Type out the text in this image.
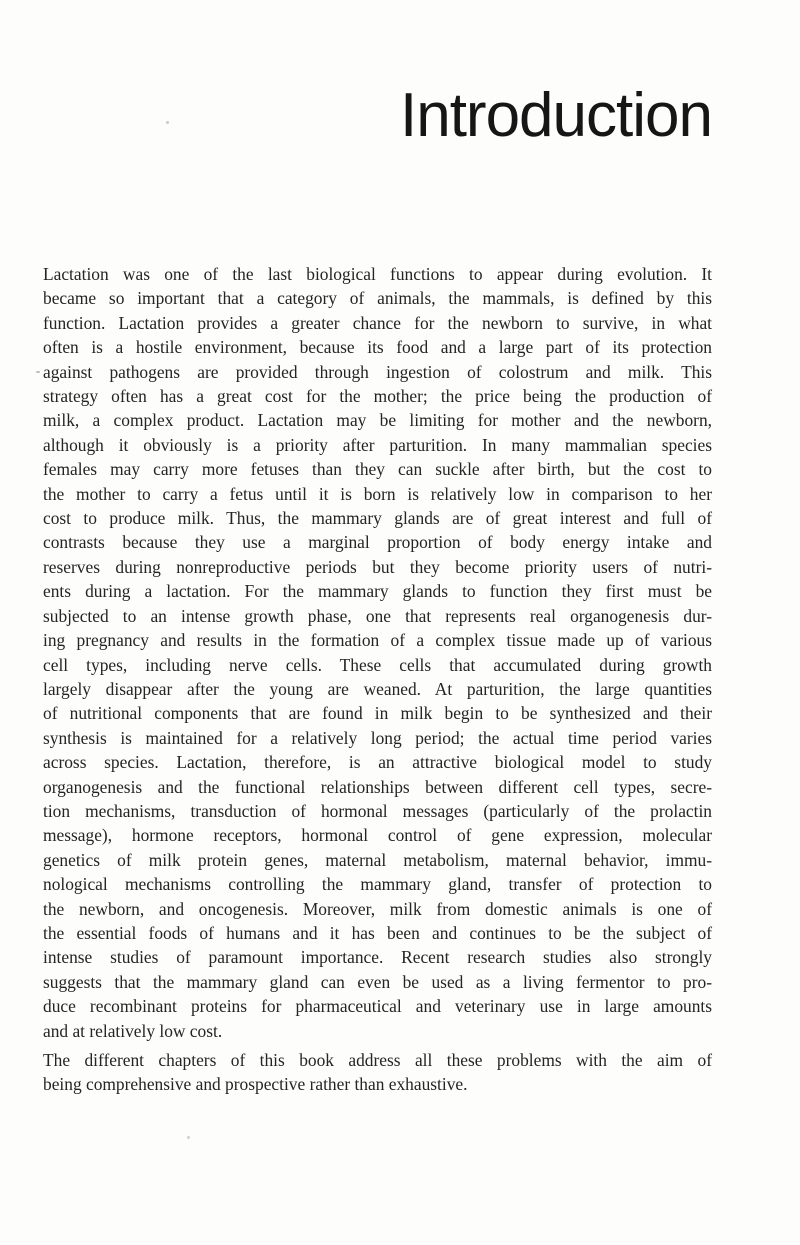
Introduction
Lactation was one of the last biological functions to appear during evolution. It
became so important that a category of animals, the mammals, is defined by this
function. Lactation provides a greater chance for the newborn to survive, in what
often is a hostile environment, because its food and a large part of its protection
against pathogens are provided through ingestion of colostrum and milk. This
strategy often has a great cost for the mother; the price being the production of
milk, a complex product. Lactation may be limiting for mother and the newborn,
although it obviously is a priority after parturition. In many mammalian species
females may carry more fetuses than they can suckle after birth, but the cost to
the mother to carry a fetus until it is born is relatively low in comparison to her
cost to produce milk. Thus, the mammary glands are of great interest and full of
contrasts because they use a marginal proportion of body energy intake and
reserves during nonreproductive periods but they become priority users of nutri-
ents during a lactation. For the mammary glands to function they first must be
subjected to an intense growth phase, one that represents real organogenesis dur-
ing pregnancy and results in the formation of a complex tissue made up of various
cell types, including nerve cells. These cells that accumulated during growth
largely disappear after the young are weaned. At parturition, the large quantities
of nutritional components that are found in milk begin to be synthesized and their
synthesis is maintained for a relatively long period; the actual time period varies
across species. Lactation, therefore, is an attractive biological model to study
organogenesis and the functional relationships between different cell types, secre-
tion mechanisms, transduction of hormonal messages (particularly of the prolactin
message), hormone receptors, hormonal control of gene expression, molecular
genetics of milk protein genes, maternal metabolism, maternal behavior, immu-
nological mechanisms controlling the mammary gland, transfer of protection to
the newborn, and oncogenesis. Moreover, milk from domestic animals is one of
the essential foods of humans and it has been and continues to be the subject of
intense studies of paramount importance. Recent research studies also strongly
suggests that the mammary gland can even be used as a living fermentor to pro-
duce recombinant proteins for pharmaceutical and veterinary use in large amounts
and at relatively low cost.
The different chapters of this book address all these problems with the aim of
being comprehensive and prospective rather than exhaustive.
